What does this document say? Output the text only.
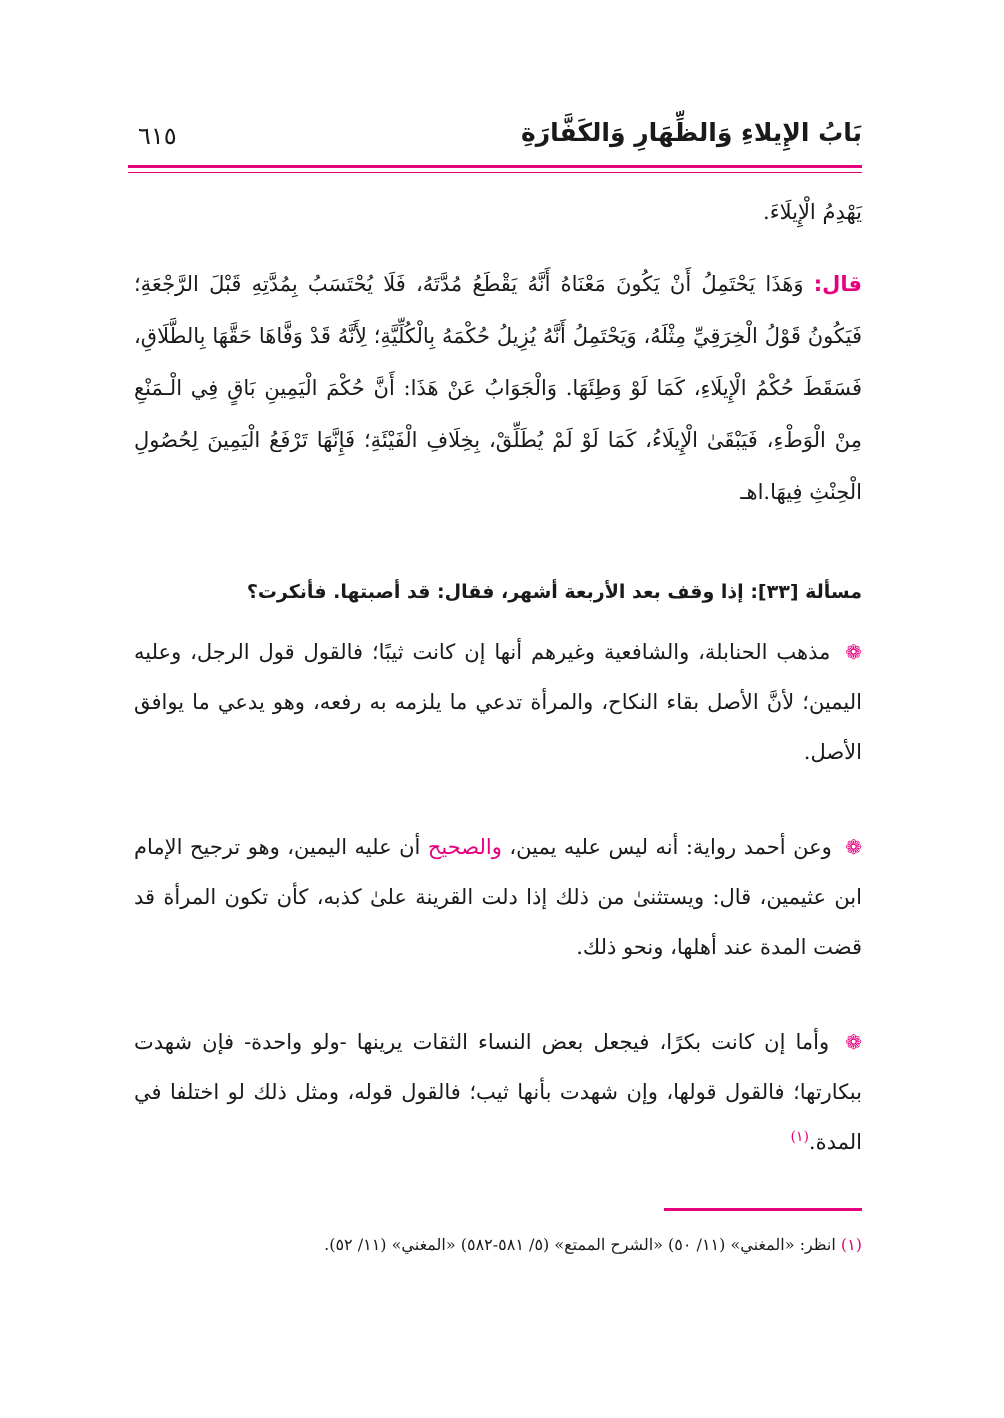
بَابُ الإِيلاءِ وَالظِّهَارِ وَالكَفَّارَةِ
٦١٥
يَهْدِمُ الْإِيلَاءَ.
قال: وَهَذَا يَحْتَمِلُ أَنْ يَكُونَ مَعْنَاهُ أَنَّهُ يَقْطَعُ مُدَّتَهُ، فَلَا يُحْتَسَبُ بِمُدَّتِهِ قَبْلَ الرَّجْعَةِ؛ فَيَكُونُ قَوْلُ الْخِرَقِيِّ مِثْلَهُ، وَيَحْتَمِلُ أَنَّهُ يُزِيلُ حُكْمَهُ بِالْكُلِّيَّةِ؛ لِأَنَّهُ قَدْ وَفَّاهَا حَقَّهَا بِالطَّلَاقِ، فَسَقَطَ حُكْمُ الْإِيلَاءِ، كَمَا لَوْ وَطِئَهَا. وَالْجَوَابُ عَنْ هَذَا: أَنَّ حُكْمَ الْيَمِينِ بَاقٍ فِي الْـمَنْعِ مِنْ الْوَطْءِ، فَيَبْقَىٰ الْإِيلَاءُ، كَمَا لَوْ لَمْ يُطَلِّقْ، بِخِلَافِ الْفَيْئَةِ؛ فَإِنَّهَا تَرْفَعُ الْيَمِينَ لِحُصُولِ الْحِنْثِ فِيهَا.اهـ
مسألة [٣٣]: إذا وقف بعد الأربعة أشهر، فقال: قد أصبتها. فأنكرت؟
❁ مذهب الحنابلة، والشافعية وغيرهم أنها إن كانت ثيبًا؛ فالقول قول الرجل، وعليه اليمين؛ لأنَّ الأصل بقاء النكاح، والمرأة تدعي ما يلزمه به رفعه، وهو يدعي ما يوافق الأصل.
❁ وعن أحمد رواية: أنه ليس عليه يمين، والصحيح أن عليه اليمين، وهو ترجيح الإمام ابن عثيمين، قال: ويستثنىٰ من ذلك إذا دلت القرينة علىٰ كذبه، كأن تكون المرأة قد قضت المدة عند أهلها، ونحو ذلك.
❁ وأما إن كانت بكرًا، فيجعل بعض النساء الثقات يرينها -ولو واحدة- فإن شهدت ببكارتها؛ فالقول قولها، وإن شهدت بأنها ثيب؛ فالقول قوله، ومثل ذلك لو اختلفا في المدة.$^{(١)}$
(١) انظر: «المغني» (١١/ ٥٠) «الشرح الممتع» (٥/ ٥٨١-٥٨٢) «المغني» (١١/ ٥٢).
